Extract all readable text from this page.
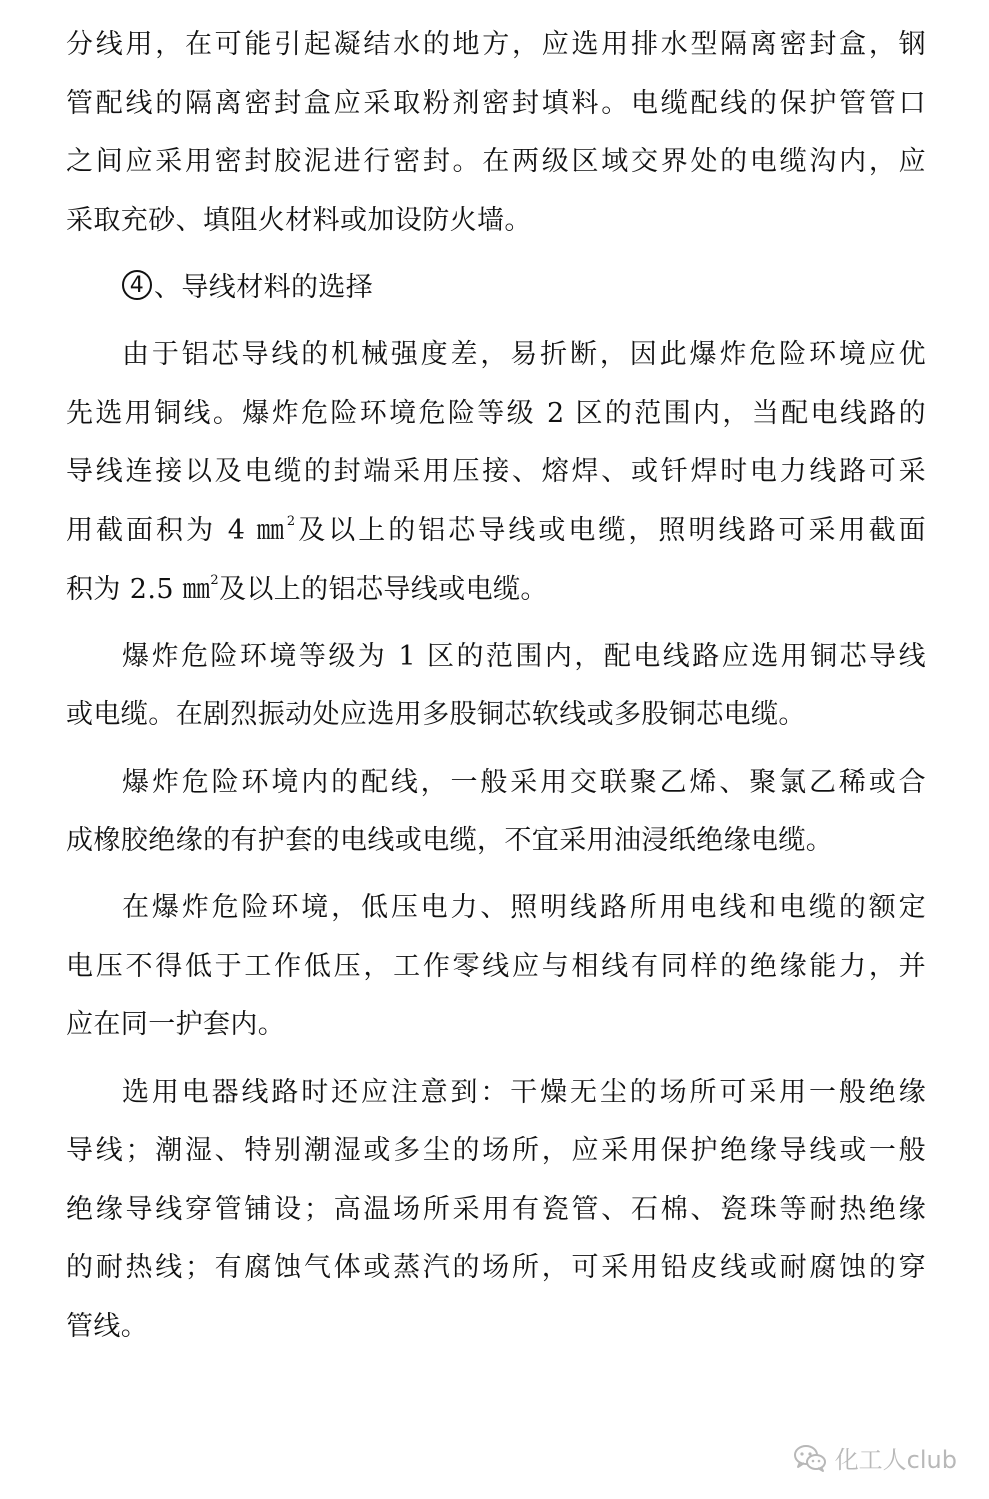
分线用，在可能引起凝结水的地方，应选用排水型隔离密封盒，钢
管配线的隔离密封盒应采取粉剂密封填料。电缆配线的保护管管口
之间应采用密封胶泥进行密封。在两级区域交界处的电缆沟内，应
采取充砂、填阻火材料或加设防火墙。
4 、导线材料的选择
由于铝芯导线的机械强度差，易折断，因此爆炸危险环境应优
先选用铜线。爆炸危险环境危险等级 2 区的范围内，当配电线路的
导线连接以及电缆的封端采用压接、熔焊、或钎焊时电力线路可采
用截面积为 4 ㎜$^2$及以上的铝芯导线或电缆，照明线路可采用截面
积为 2.5 ㎜$^2$及以上的铝芯导线或电缆。
爆炸危险环境等级为 1 区的范围内，配电线路应选用铜芯导线
或电缆。在剧烈振动处应选用多股铜芯软线或多股铜芯电缆。
爆炸危险环境内的配线，一般采用交联聚乙烯、聚氯乙稀或合
成橡胶绝缘的有护套的电线或电缆，不宜采用油浸纸绝缘电缆。
在爆炸危险环境，低压电力、照明线路所用电线和电缆的额定
电压不得低于工作低压，工作零线应与相线有同样的绝缘能力，并
应在同一护套内。
选用电器线路时还应注意到：干燥无尘的场所可采用一般绝缘
导线；潮湿、特别潮湿或多尘的场所，应采用保护绝缘导线或一般
绝缘导线穿管铺设；高温场所采用有瓷管、石棉、瓷珠等耐热绝缘
的耐热线；有腐蚀气体或蒸汽的场所，可采用铅皮线或耐腐蚀的穿
管线。
化工人club
